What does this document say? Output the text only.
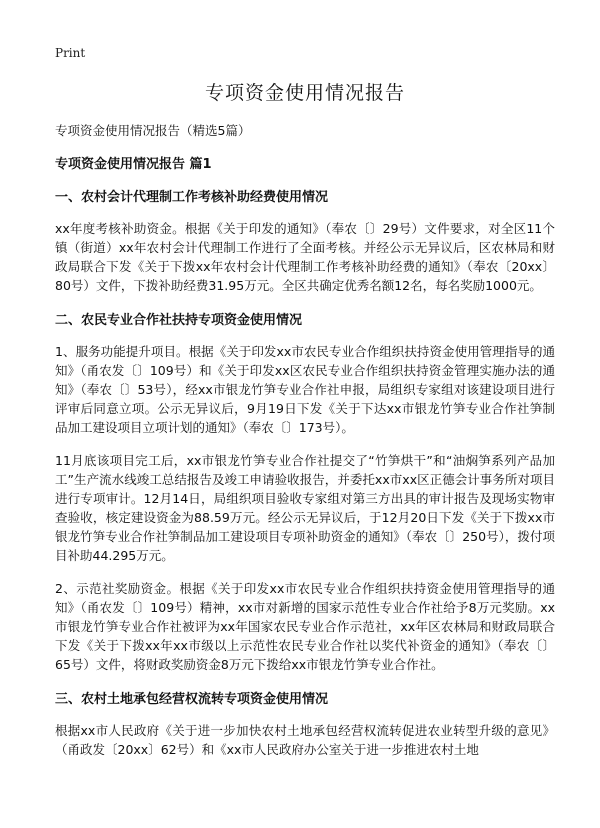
Print
专项资金使用情况报告

专项资金使用情况报告（精选5篇）

专项资金使用情况报告 篇1

一、农村会计代理制工作考核补助经费使用情况

xx年度考核补助资金。根据《关于印发的通知》（奉农〔〕29号）文件要求，对全区11个镇（街道）xx年农村会计代理制工作进行了全面考核。并经公示无异议后，区农林局和财政局联合下发《关于下拨xx年农村会计代理制工作考核补助经费的通知》（奉农〔20xx〕80号）文件，下拨补助经费31.95万元。全区共确定优秀名额12名，每名奖励1000元。

二、农民专业合作社扶持专项资金使用情况

1、服务功能提升项目。根据《关于印发xx市农民专业合作组织扶持资金使用管理指导的通知》（甬农发〔〕109号）和《关于印发xx区农民专业合作组织扶持资金管理实施办法的通知》（奉农〔〕53号），经xx市银龙竹笋专业合作社申报，局组织专家组对该建设项目进行评审后同意立项。公示无异议后，9月19日下发《关于下达xx市银龙竹笋专业合作社笋制品加工建设项目立项计划的通知》（奉农〔〕173号）。

11月底该项目完工后，xx市银龙竹笋专业合作社提交了“竹笋烘干”和“油焖笋系列产品加工”生产流水线竣工总结报告及竣工申请验收报告，并委托xx市xx区正德会计事务所对项目进行专项审计。12月14日，局组织项目验收专家组对第三方出具的审计报告及现场实物审查验收，核定建设资金为88.59万元。经公示无异议后，于12月20日下发《关于下拨xx市银龙竹笋专业合作社笋制品加工建设项目专项补助资金的通知》（奉农〔〕250号），拨付项目补助44.295万元。

2、示范社奖励资金。根据《关于印发xx市农民专业合作组织扶持资金使用管理指导的通知》（甬农发〔〕109号）精神，xx市对新增的国家示范性专业合作社给予8万元奖励。xx市银龙竹笋专业合作社被评为xx年国家农民专业合作示范社，xx年区农林局和财政局联合下发《关于下拨xx年xx市级以上示范性农民专业合作社以奖代补资金的通知》（奉农〔〕65号）文件，将财政奖励资金8万元下拨给xx市银龙竹笋专业合作社。

三、农村土地承包经营权流转专项资金使用情况

根据xx市人民政府《关于进一步加快农村土地承包经营权流转促进农业转型升级的意见》（甬政发〔20xx〕62号）和《xx市人民政府办公室关于进一步推进农村土地
